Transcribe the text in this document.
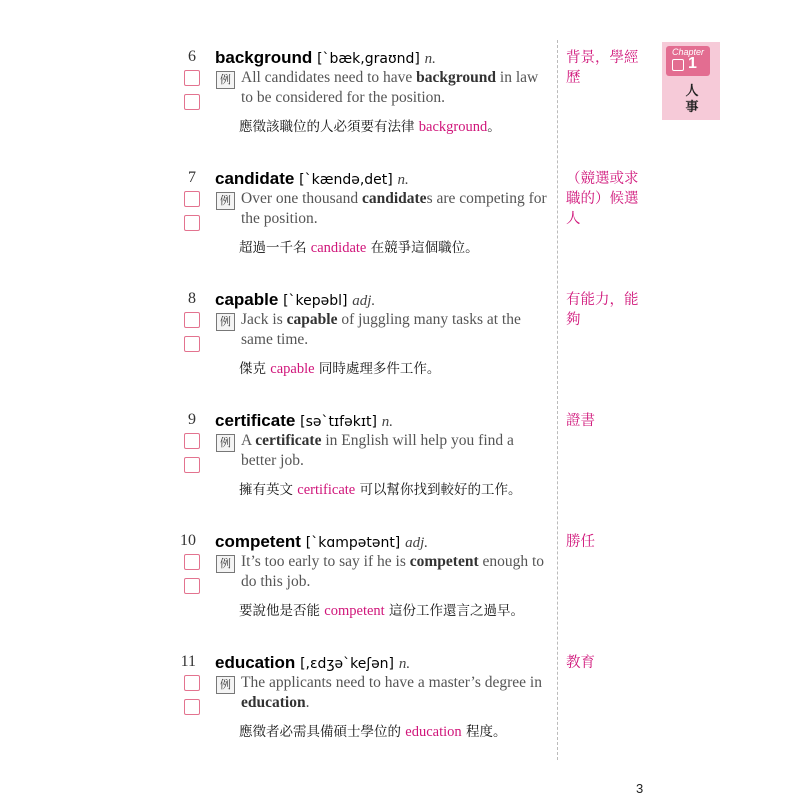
Chapter
1
人事
6 background [ˋbæk,graʊnd] n.
例 All candidates need to have background in law to be considered for the position.
應徵該職位的人必須要有法律 background。
背景，學經歷
7 candidate [ˋkændə,det] n.
例 Over one thousand candidates are competing for the position.
超過一千名 candidate 在競爭這個職位。
（競選或求職的）候選人
8 capable [ˋkepəbl] adj.
例 Jack is capable of juggling many tasks at the same time.
傑克 capable 同時處理多件工作。
有能力，能夠
9 certificate [səˋtɪfəkɪt] n.
例 A certificate in English will help you find a better job.
擁有英文 certificate 可以幫你找到較好的工作。
證書
10 competent [ˋkɑmpətənt] adj.
例 It’s too early to say if he is competent enough to do this job.
要說他是否能 competent 這份工作還言之過早。
勝任
11 education [,ɛdʒəˋkeʃən] n.
例 The applicants need to have a master’s degree in education.
應徵者必需具備碩士學位的 education 程度。
教育
3
